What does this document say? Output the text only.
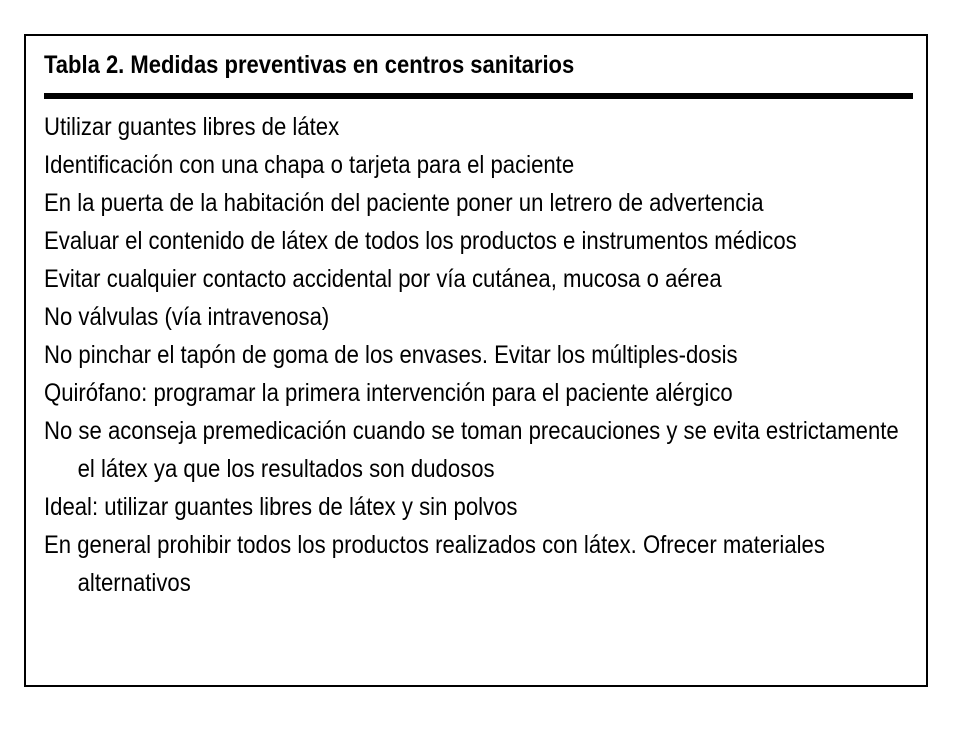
Tabla 2. Medidas preventivas en centros sanitarios
Utilizar guantes libres de látex
Identificación con una chapa o tarjeta para el paciente
En la puerta de la habitación del paciente poner un letrero de advertencia
Evaluar el contenido de látex de todos los productos e instrumentos médicos
Evitar cualquier contacto accidental por vía cutánea, mucosa o aérea
No válvulas (vía intravenosa)
No pinchar el tapón de goma de los envases. Evitar los múltiples-dosis
Quirófano: programar la primera intervención para el paciente alérgico
No se aconseja premedicación cuando se toman precauciones y se evita estrictamente el látex ya que los resultados son dudosos
Ideal: utilizar guantes libres de látex y sin polvos
En general prohibir todos los productos realizados con látex. Ofrecer materiales alternativos
